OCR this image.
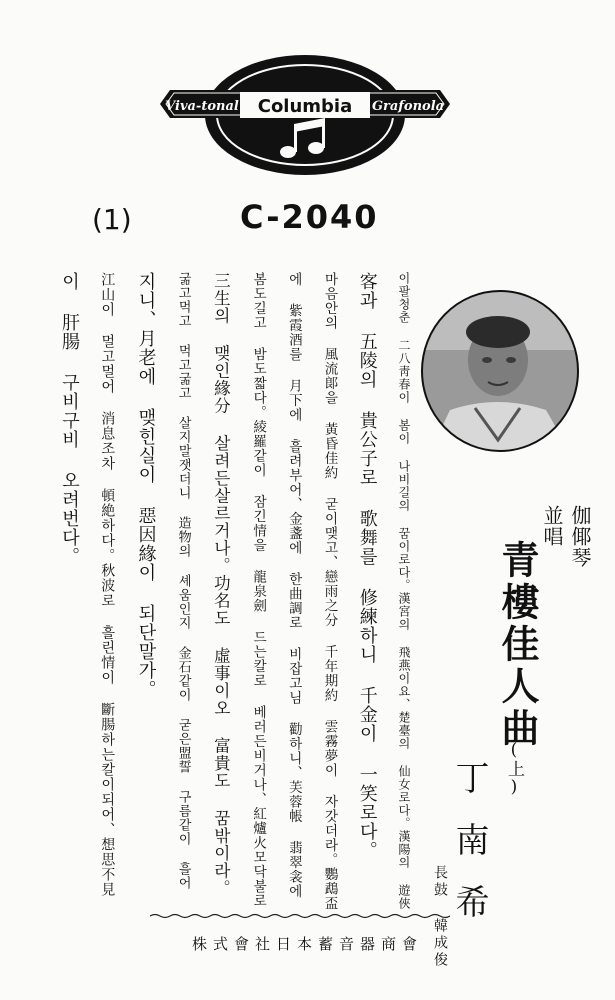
Columbia
Viva-tonal	Grafonola
(1)	C-2040
伽倻琴
並唱
青樓佳人曲
(上)
丁南希
長鼓 韓成俊
이팔청춘 二八靑春이 봄이 나비길의 꿈이로다。漢宮의 飛燕이요、楚臺의 仙女로다。漢陽의 遊俠
客과 五陵의 貴公子로 歌舞를 修練하니 千金이 一笑로다。
마음안의 風流郞을 黃昏佳約 굳이맺고、戀雨之分 千年期約 雲霧夢이 자갓더라。鸚鵡盃
에 紫霞酒를 月下에 흘려부어、金盞에 한曲調로 비잡고님 勸하니、芙蓉帳 翡翠衾에
봄도길고 밤도짧다。綾羅같이 잠긴情을 龍泉劍 드는칼로 베러든비거나、紅爐火모닥불로
三生의 맺인緣分 살려든살르거나。功名도 虛事이오 富貴도 꿈밖이라。
굶고먹고 먹고굶고 살지말잿더니 造物의 셰움인지 金石같이 굳은盟誓 구름같이 흘어
지니、月老에 맺힌실이 惡因緣이 되단말가。
江山이 멀고멀어 消息조차 頓絶하다。秋波로 흘린情이 斷腸하는칼이되어、想思不見
이 肝腸 구비구비 오려번다。
株式會社日本蓄音器商會
